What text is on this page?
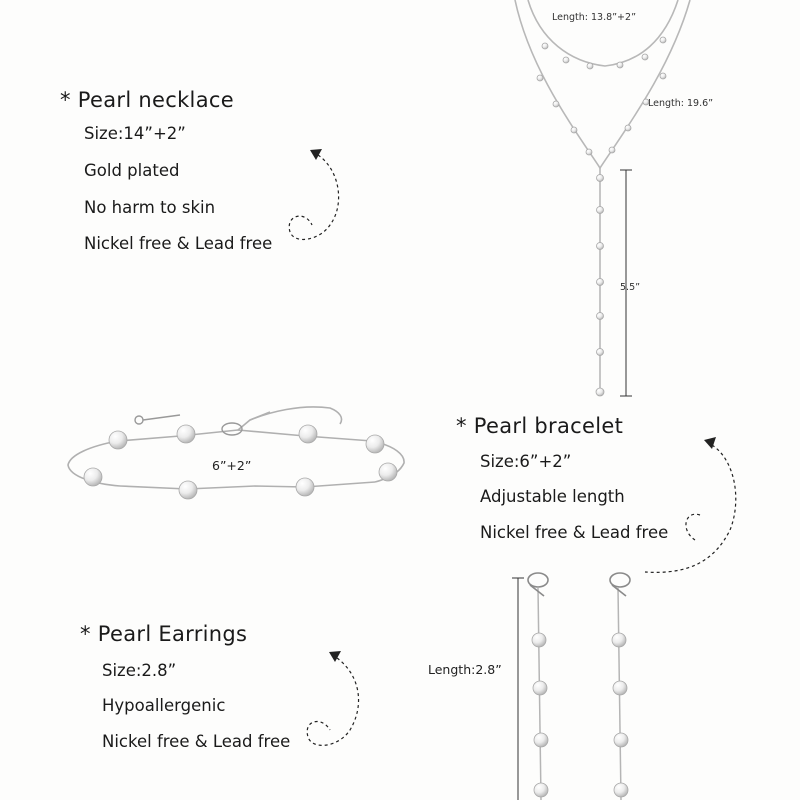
* Pearl necklace
Size:14”+2”
Gold plated
No harm to skin
Nickel free & Lead free
Length: 13.8”+2”
Length: 19.6”
5.5”
6”+2”
* Pearl bracelet
Size:6”+2”
Adjustable length
Nickel free & Lead free
* Pearl Earrings
Size:2.8”
Hypoallergenic
Nickel free & Lead free
Length:2.8”
